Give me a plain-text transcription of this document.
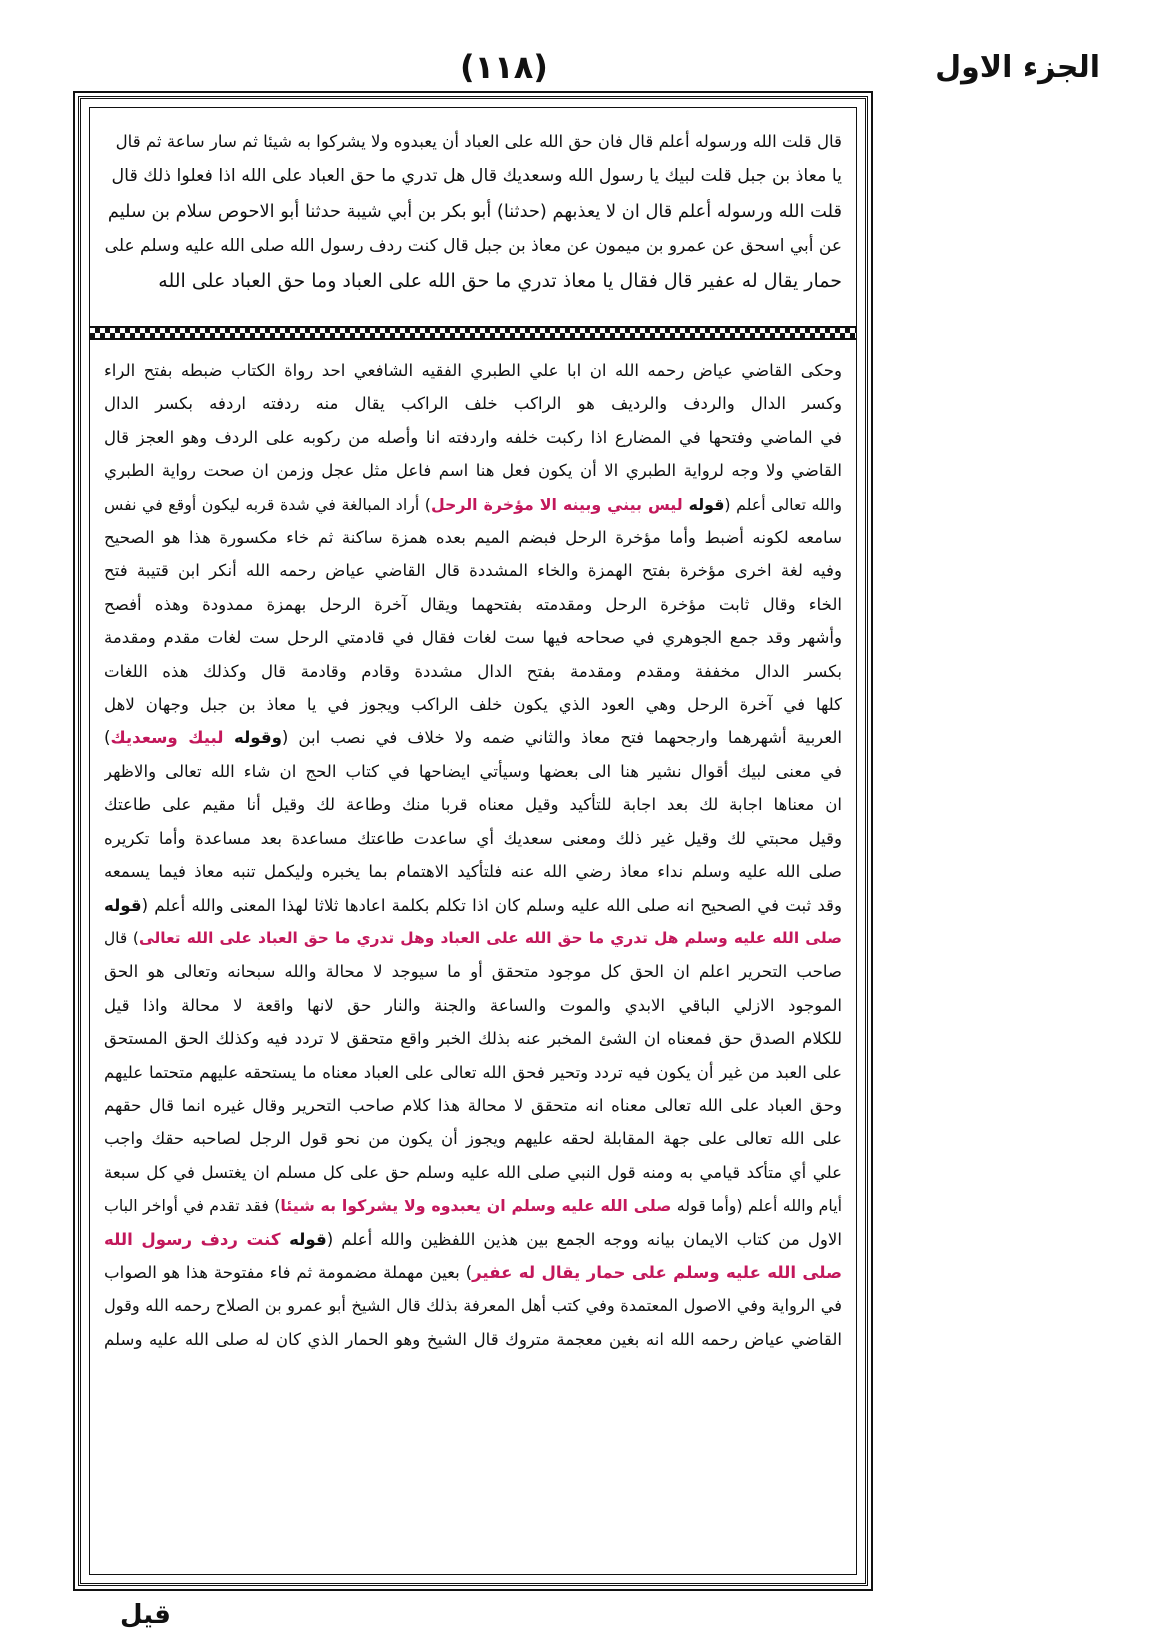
الجزء الاول
(١١٨)

قال قلت الله ورسوله أعلم قال فان حق الله على العباد أن يعبدوه ولا يشركوا به شيئا ثم سار ساعة ثم قال

يا معاذ بن جبل قلت لبيك يا رسول الله وسعديك قال هل تدري ما حق العباد على الله اذا فعلوا ذلك قال

قلت الله ورسوله أعلم قال ان لا يعذبهم (حدثنا) أبو بكر بن أبي شيبة حدثنا أبو الاحوص سلام بن سليم

عن أبي اسحق عن عمرو بن ميمون عن معاذ بن جبل قال كنت ردف رسول الله صلى الله عليه وسلم على

حمار يقال له عفير قال فقال يا معاذ تدري ما حق الله على العباد وما حق العباد على الله

وحكى القاضي عياض رحمه الله ان ابا علي الطبري الفقيه الشافعي احد رواة الكتاب ضبطه بفتح الراء

وكسر الدال والردف والرديف هو الراكب خلف الراكب يقال منه ردفته اردفه بكسر الدال

في الماضي وفتحها في المضارع اذا ركبت خلفه واردفته انا وأصله من ركوبه على الردف وهو العجز قال

القاضي ولا وجه لرواية الطبري الا أن يكون فعل هنا اسم فاعل مثل عجل وزمن ان صحت رواية الطبري

والله تعالى أعلم (قوله ليس بيني وبينه الا مؤخرة الرحل) أراد المبالغة في شدة قربه ليكون أوقع في نفس

سامعه لكونه أضبط وأما مؤخرة الرحل فبضم الميم بعده همزة ساكنة ثم خاء مكسورة هذا هو الصحيح

وفيه لغة اخرى مؤخرة بفتح الهمزة والخاء المشددة قال القاضي عياض رحمه الله أنكر ابن قتيبة فتح

الخاء وقال ثابت مؤخرة الرحل ومقدمته بفتحهما ويقال آخرة الرحل بهمزة ممدودة وهذه أفصح

وأشهر وقد جمع الجوهري في صحاحه فيها ست لغات فقال في قادمتي الرحل ست لغات مقدم ومقدمة

بكسر الدال مخففة ومقدم ومقدمة بفتح الدال مشددة وقادم وقادمة قال وكذلك هذه اللغات

كلها في آخرة الرحل وهي العود الذي يكون خلف الراكب ويجوز في يا معاذ بن جبل وجهان لاهل

العربية أشهرهما وارجحهما فتح معاذ والثاني ضمه ولا خلاف في نصب ابن (وقوله لبيك وسعديك)

في معنى لبيك أقوال نشير هنا الى بعضها وسيأتي ايضاحها في كتاب الحج ان شاء الله تعالى والاظهر

ان معناها اجابة لك بعد اجابة للتأكيد وقيل معناه قربا منك وطاعة لك وقيل أنا مقيم على طاعتك

وقيل محبتي لك وقيل غير ذلك ومعنى سعديك أي ساعدت طاعتك مساعدة بعد مساعدة وأما تكريره

صلى الله عليه وسلم نداء معاذ رضي الله عنه فلتأكيد الاهتمام بما يخبره وليكمل تنبه معاذ فيما يسمعه

وقد ثبت في الصحيح انه صلى الله عليه وسلم كان اذا تكلم بكلمة اعادها ثلاثا لهذا المعنى والله أعلم (قوله

صلى الله عليه وسلم هل تدري ما حق الله على العباد وهل تدري ما حق العباد على الله تعالى) قال

صاحب التحرير اعلم ان الحق كل موجود متحقق أو ما سيوجد لا محالة والله سبحانه وتعالى هو الحق

الموجود الازلي الباقي الابدي والموت والساعة والجنة والنار حق لانها واقعة لا محالة واذا قيل

للكلام الصدق حق فمعناه ان الشئ المخبر عنه بذلك الخبر واقع متحقق لا تردد فيه وكذلك الحق المستحق

على العبد من غير أن يكون فيه تردد وتحير فحق الله تعالى على العباد معناه ما يستحقه عليهم متحتما عليهم

وحق العباد على الله تعالى معناه انه متحقق لا محالة هذا كلام صاحب التحرير وقال غيره انما قال حقهم

على الله تعالى على جهة المقابلة لحقه عليهم ويجوز أن يكون من نحو قول الرجل لصاحبه حقك واجب

علي أي متأكد قيامي به ومنه قول النبي صلى الله عليه وسلم حق على كل مسلم ان يغتسل في كل سبعة

أيام والله أعلم (وأما قوله صلى الله عليه وسلم ان يعبدوه ولا يشركوا به شيئا) فقد تقدم في أواخر الباب

الاول من كتاب الايمان بيانه ووجه الجمع بين هذين اللفظين والله أعلم (قوله كنت ردف رسول الله

صلى الله عليه وسلم على حمار يقال له عفير) بعين مهملة مضمومة ثم فاء مفتوحة هذا هو الصواب

في الرواية وفي الاصول المعتمدة وفي كتب أهل المعرفة بذلك قال الشيخ أبو عمرو بن الصلاح رحمه الله وقول

القاضي عياض رحمه الله انه بغين معجمة متروك قال الشيخ وهو الحمار الذي كان له صلى الله عليه وسلم

قيل
